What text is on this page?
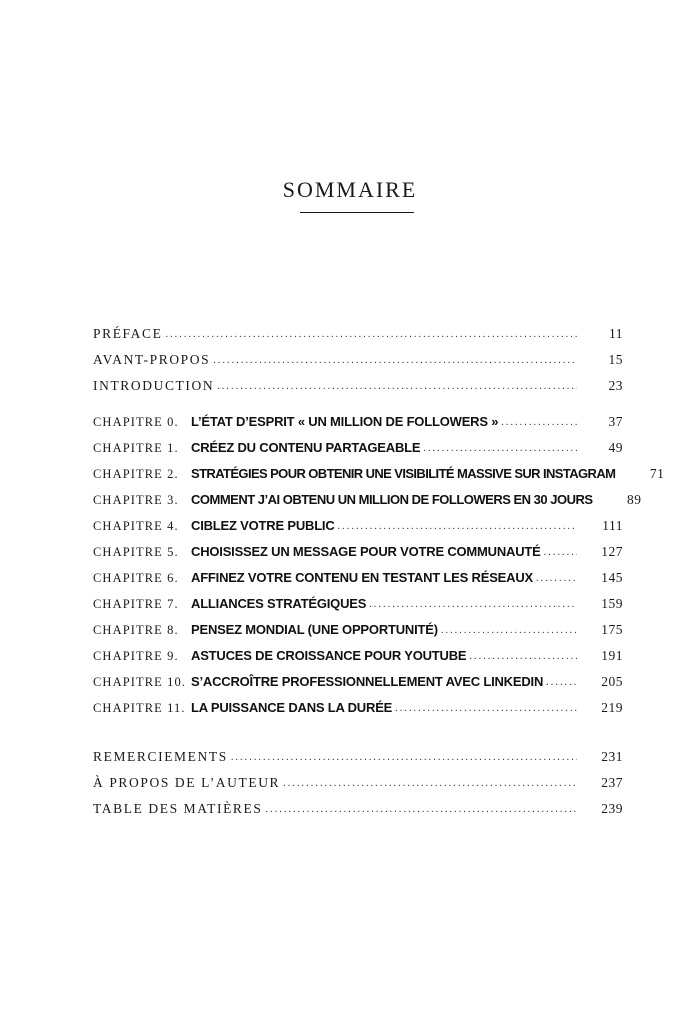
SOMMAIRE
PRÉFACE . . .	11
AVANT-PROPOS . . .	15
INTRODUCTION . . .	23
CHAPITRE 0. L’ÉTAT D’ESPRIT « UN MILLION DE FOLLOWERS » . . .	37
CHAPITRE 1. CRÉEZ DU CONTENU PARTAGEABLE . . .	49
CHAPITRE 2. STRATÉGIES POUR OBTENIR UNE VISIBILITÉ MASSIVE SUR INSTAGRAM	71
CHAPITRE 3. COMMENT J’AI OBTENU UN MILLION DE FOLLOWERS EN 30 JOURS	89
CHAPITRE 4. CIBLEZ VOTRE PUBLIC . . .	111
CHAPITRE 5. CHOISISSEZ UN MESSAGE POUR VOTRE COMMUNAUTÉ . . .	127
CHAPITRE 6. AFFINEZ VOTRE CONTENU EN TESTANT LES RÉSEAUX . . .	145
CHAPITRE 7. ALLIANCES STRATÉGIQUES . . .	159
CHAPITRE 8. PENSEZ MONDIAL (UNE OPPORTUNITÉ) . . .	175
CHAPITRE 9. ASTUCES DE CROISSANCE POUR YOUTUBE . . .	191
CHAPITRE 10. S’ACCROÎTRE PROFESSIONNELLEMENT AVEC LINKEDIN . . .	205
CHAPITRE 11. LA PUISSANCE DANS LA DURÉE . . .	219
REMERCIEMENTS . . .	231
À PROPOS DE L’AUTEUR . . .	237
TABLE DES MATIÈRES . . .	239
